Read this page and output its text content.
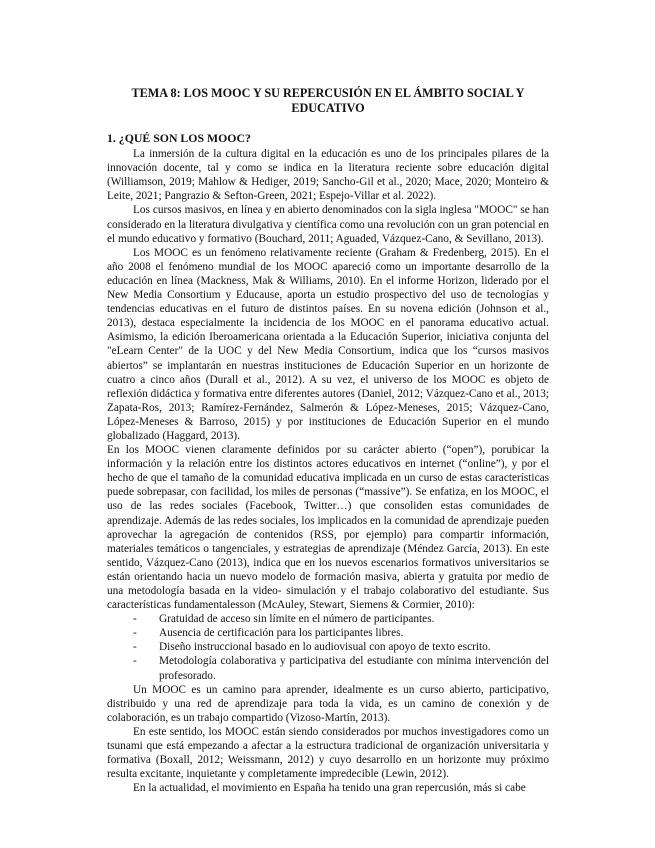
TEMA 8: LOS MOOC Y SU REPERCUSIÓN EN EL ÁMBITO SOCIAL Y EDUCATIVO
1. ¿QUÉ SON LOS MOOC?

La inmersión de la cultura digital en la educación es uno de los principales pilares de la innovación docente, tal y como se indica en la literatura reciente sobre educación digital (Williamson, 2019; Mahlow & Hediger, 2019; Sancho-Gil et al., 2020; Mace, 2020; Monteiro & Leite, 2021; Pangrazio & Sefton-Green, 2021; Espejo-Villar et al. 2022).

Los cursos masivos, en línea y en abierto denominados con la sigla inglesa "MOOC" se han considerado en la literatura divulgativa y científica como una revolución con un gran potencial en el mundo educativo y formativo (Bouchard, 2011; Aguaded, Vázquez-Cano, & Sevillano, 2013).

Los MOOC es un fenómeno relativamente reciente (Graham & Fredenberg, 2015). En el año 2008 el fenómeno mundial de los MOOC apareció como un importante desarrollo de la educación en línea (Mackness, Mak & Williams, 2010). En el informe Horizon, liderado por el New Media Consortium y Educause, aporta un estudio prospectivo del uso de tecnologías y tendencias educativas en el futuro de distintos países. En su novena edición (Johnson et al., 2013), destaca especialmente la incidencia de los MOOC en el panorama educativo actual. Asimismo, la edición Iberoamericana orientada a la Educación Superior, iniciativa conjunta del "eLearn Center" de la UOC y del New Media Consortium, indica que los “cursos masivos abiertos” se implantarán en nuestras instituciones de Educación Superior en un horizonte de cuatro a cinco años (Durall et al., 2012). A su vez, el universo de los MOOC es objeto de reflexión didáctica y formativa entre diferentes autores (Daniel, 2012; Vázquez-Cano et al., 2013; Zapata-Ros, 2013; Ramírez-Fernández, Salmerón & López-Meneses, 2015; Vázquez-Cano, López-Meneses & Barroso, 2015) y por instituciones de Educación Superior en el mundo globalizado (Haggard, 2013).

En los MOOC vienen claramente definidos por su carácter abierto (“open”), porubicar la información y la relación entre los distintos actores educativos en internet (“online”), y por el hecho de que el tamaño de la comunidad educativa implicada en un curso de estas características puede sobrepasar, con facilidad, los miles de personas (“massive”). Se enfatiza, en los MOOC, el uso de las redes sociales (Facebook, Twitter…) que consoliden estas comunidades de aprendizaje. Además de las redes sociales, los implicados en la comunidad de aprendizaje pueden aprovechar la agregación de contenidos (RSS, por ejemplo) para compartir información, materiales temáticos o tangenciales, y estrategias de aprendizaje (Méndez García, 2013). En este sentido, Vázquez-Cano (2013), indica que en los nuevos escenarios formativos universitarios se están orientando hacia un nuevo modelo de formación masiva, abierta y gratuita por medio de una metodología basada en la video- simulación y el trabajo colaborativo del estudiante. Sus características fundamentalesson (McAuley, Stewart, Siemens & Cormier, 2010):

- Gratuidad de acceso sin límite en el número de participantes.
- Ausencia de certificación para los participantes libres.
- Diseño instruccional basado en lo audiovisual con apoyo de texto escrito.
- Metodología colaborativa y participativa del estudiante con mínima intervención del profesorado.

Un MOOC es un camino para aprender, idealmente es un curso abierto, participativo, distribuido y una red de aprendizaje para toda la vida, es un camino de conexión y de colaboración, es un trabajo compartido (Vizoso-Martín, 2013).

En este sentido, los MOOC están siendo considerados por muchos investigadores como un tsunami que está empezando a afectar a la estructura tradicional de organización universitaria y formativa (Boxall, 2012; Weissmann, 2012) y cuyo desarrollo en un horizonte muy próximo resulta excitante, inquietante y completamente impredecible (Lewin, 2012).

En la actualidad, el movimiento en España ha tenido una gran repercusión, más si cabe
